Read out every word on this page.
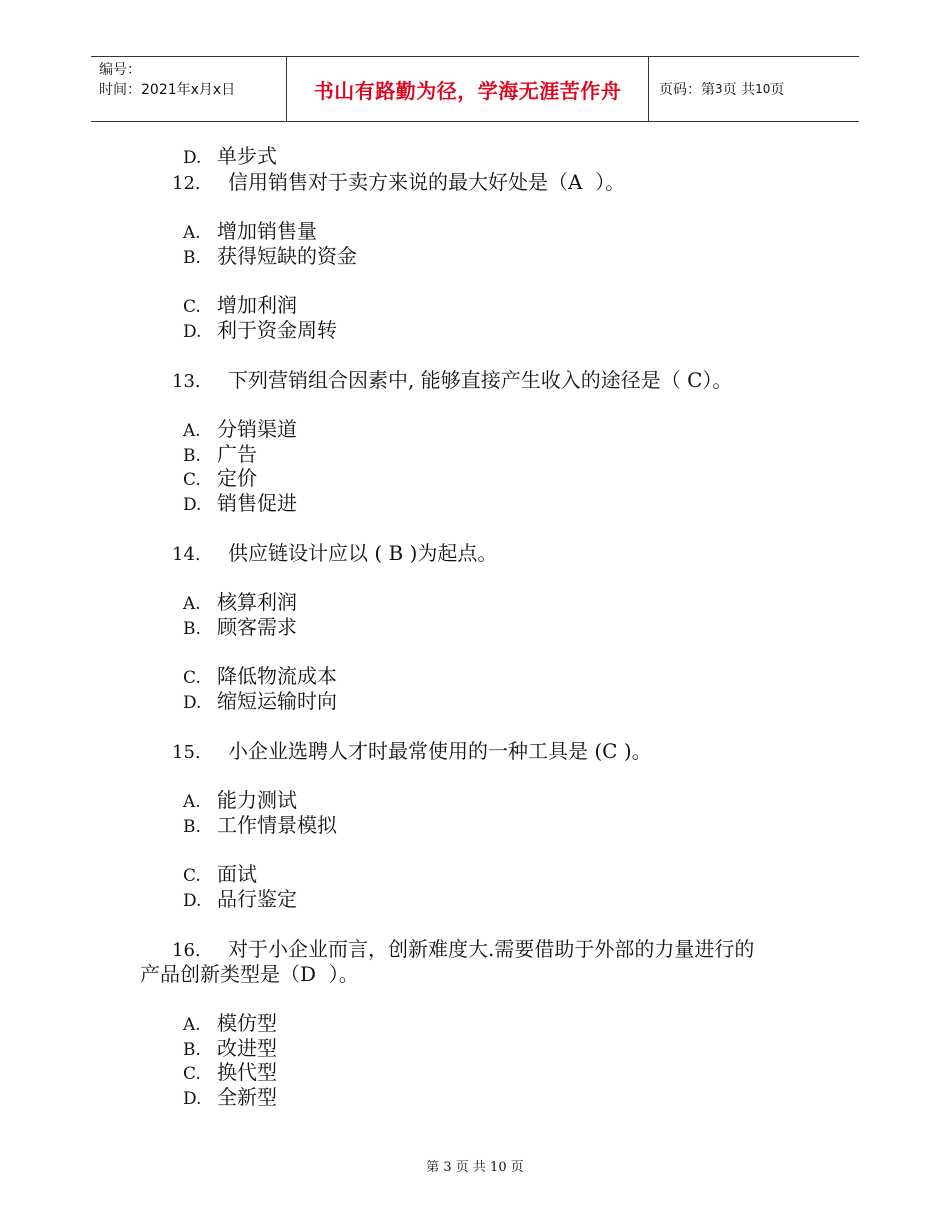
编号：
时间：2021年x月x日	书山有路勤为径，学海无涯苦作舟	页码：第 3 页 共 10 页
D. 单步式
12. 信用销售对于卖方来说的最大好处是（A  ）。
A. 增加销售量
B. 获得短缺的资金
C. 增加利润
D. 利于资金周转
13. 下列营销组合因素中, 能够直接产生收入的途径是（ C）。
A. 分销渠道
B. 广告
C. 定价
D. 销售促进
14. 供应链设计应以 ( B )为起点。
A. 核算利润
B. 顾客需求
C. 降低物流成本
D. 缩短运输时向
15. 小企业选聘人才时最常使用的一种工具是 (C )。
A. 能力测试
B. 工作情景模拟
C. 面试
D. 品行鉴定
16. 对于小企业而言，创新难度大.需要借助于外部的力量进行的
产品创新类型是（D  ）。
A. 模仿型
B. 改进型
C. 换代型
D. 全新型
第 3 页 共 10 页
